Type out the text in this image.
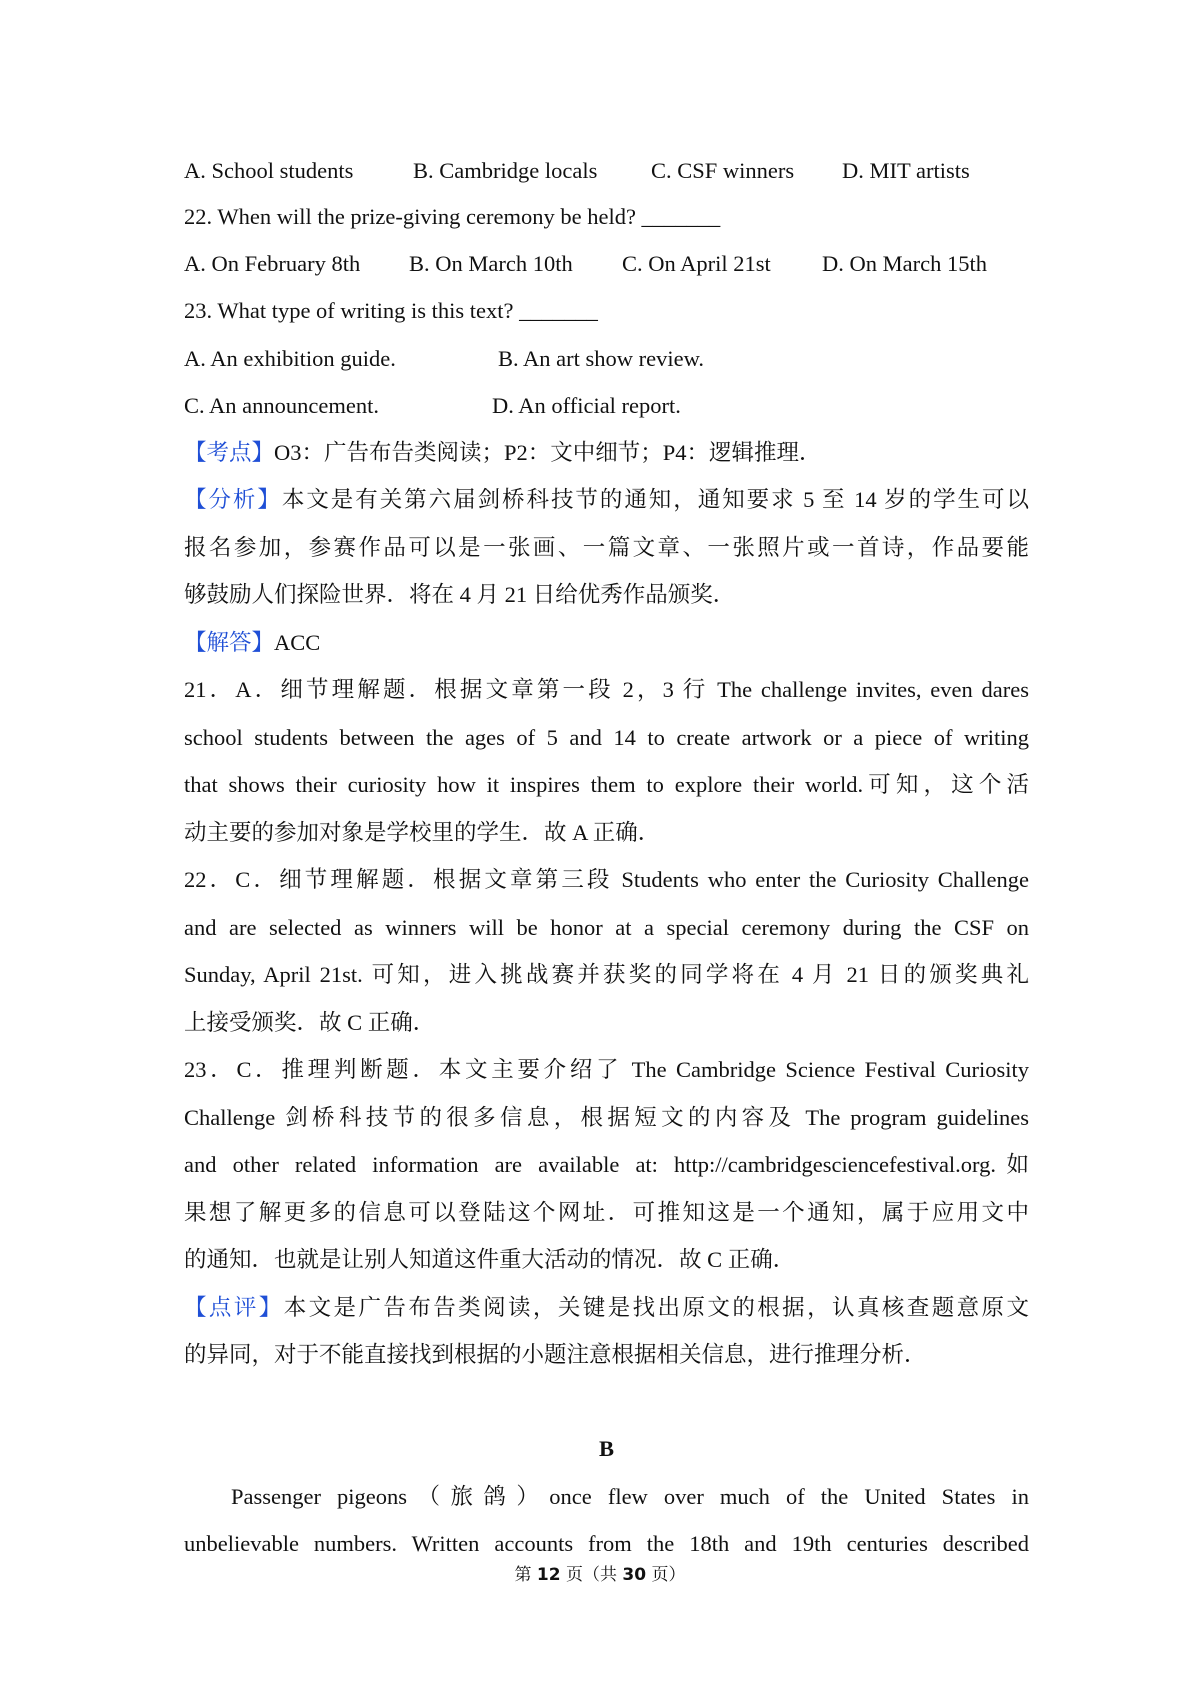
A. School students	B. Cambridge locals C. CSF winners D. MIT artists
22. When will the prize-giving ceremony be held? _______
A. On February 8th B. On March 10th C. On April 21st D. On March 15th
23. What type of writing is this text? _______
A. An exhibition guide.	B. An art show review.
C. An announcement.	D. An official report.
【考点】O3：广告布告类阅读；P2：文中细节；P4：逻辑推理．
【分析】本文是有关第六届剑桥科技节的通知，通知要求 5 至 14 岁的学生可以
报名参加，参赛作品可以是一张画、一篇文章、一张照片或一首诗，作品要能
够鼓励人们探险世界．将在 4 月 21 日给优秀作品颁奖．
【解答】ACC
21．A．细节理解题．根据文章第一段 2，3 行 The challenge invites, even dares
school students between the ages of 5 and 14 to create artwork or a piece of writing
that shows their curiosity how it inspires them to explore their world.可知，这个活
动主要的参加对象是学校里的学生．故 A 正确．
22．C．细节理解题．根据文章第三段 Students who enter the Curiosity Challenge
and are selected as winners will be honor at a special ceremony during the CSF on
Sunday, April 21st. 可知，进入挑战赛并获奖的同学将在 4 月 21 日的颁奖典礼
上接受颁奖．故 C 正确．
23．C．推理判断题．本文主要介绍了 The Cambridge Science Festival Curiosity
Challenge 剑桥科技节的很多信息，根据短文的内容及 The program guidelines
and other related information are available at: http://cambridgesciencefestival.org.如
果想了解更多的信息可以登陆这个网址．可推知这是一个通知，属于应用文中
的通知．也就是让别人知道这件重大活动的情况．故 C 正确．
【点评】本文是广告布告类阅读，关键是找出原文的根据，认真核查题意原文
的异同，对于不能直接找到根据的小题注意根据相关信息，进行推理分析．
B
Passenger pigeons（旅鸽）once flew over much of the United States in
unbelievable numbers. Written accounts from the 18th and 19th centuries described
第 12 页（共 30 页）
